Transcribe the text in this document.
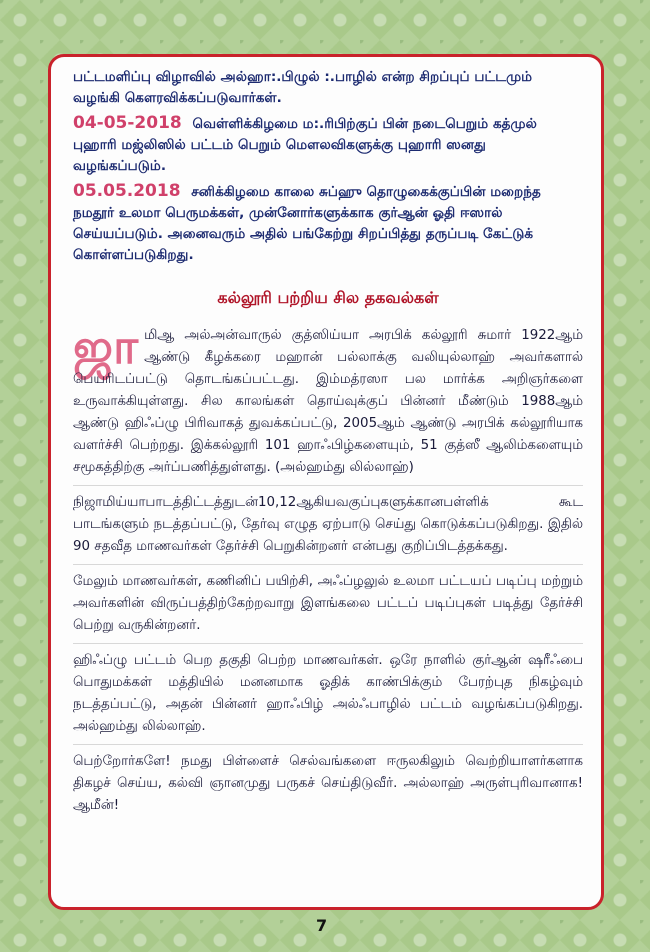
பட்டமளிப்பு விழாவில் அல்ஹா:.பிழுல் :.பாழில் என்ற சிறப்புப் பட்டமும் வழங்கி கௌரவிக்கப்படுவார்கள்.

04-05-2018 வெள்ளிக்கிழமை ம:.ரிபிற்குப் பின் நடைபெறும் கத்முல் புஹாரி மஜ்லிஸில் பட்டம் பெறும் மௌலவிகளுக்கு புஹாரி ஸனது வழங்கப்படும்.

05.05.2018 சனிக்கிழமை காலை சுப்ஹு தொழுகைக்குப்பின் மறைந்த நமதூர் உலமா பெருமக்கள், முன்னோர்களுக்காக குர்ஆன் ஓதி ஈஸால் செய்யப்படும். அனைவரும் அதில் பங்கேற்று சிறப்பித்து தருப்படி கேட்டுக் கொள்ளப்படுகிறது.

கல்லூரி பற்றிய சில தகவல்கள்

ஜா மிஆ அல்அன்வாருல் குத்ஸிய்யா அரபிக் கல்லூரி சுமார் 1922ஆம் ஆண்டு கீழக்கரை மஹான் பல்லாக்கு வலியுல்லாஹ் அவர்களால் பெயரிடப்பட்டு தொடங்கப்பட்டது. இம்மத்ரஸா பல மார்க்க அறிஞர்களை உருவாக்கியுள்ளது. சில காலங்கள் தொய்வுக்குப் பின்னர் மீண்டும் 1988ஆம் ஆண்டு ஹிஃப்ழு பிரிவாகத் துவக்கப்பட்டு, 2005ஆம் ஆண்டு அரபிக் கல்லூரியாக வளர்ச்சி பெற்றது. இக்கல்லூரி 101 ஹாஃபிழ்களையும், 51 குத்ஸீ ஆலிம்களையும் சமூகத்திற்கு அர்ப்பணித்துள்ளது. (அல்ஹம்து லில்லாஹ்)

நிஜாமிய்யாபாடத்திட்டத்துடன்10,12ஆகியவகுப்புகளுக்கானபள்ளிக் கூட பாடங்களும் நடத்தப்பட்டு, தேர்வு எழுத ஏற்பாடு செய்து கொடுக்கப்படுகிறது. இதில் 90 சதவீத மாணவர்கள் தேர்ச்சி பெறுகின்றனர் என்பது குறிப்பிடத்தக்கது.

மேலும் மாணவர்கள், கணினிப் பயிற்சி, அஃப்ழலுல் உலமா பட்டயப் படிப்பு மற்றும் அவர்களின் விருப்பத்திற்கேற்றவாறு இளங்கலை பட்டப் படிப்புகள் படித்து தேர்ச்சி பெற்று வருகின்றனர்.

ஹிஃப்ழு பட்டம் பெற தகுதி பெற்ற மாணவர்கள். ஒரே நாளில் குர்ஆன் ஷரீஃபை பொதுமக்கள் மத்தியில் மனனமாக ஓதிக் காண்பிக்கும் பேரற்புத நிகழ்வும் நடத்தப்பட்டு, அதன் பின்னர் ஹாஃபிழ் அல்ஃபாழில் பட்டம் வழங்கப்படுகிறது. அல்ஹம்து லில்லாஹ்.

பெற்றோர்களே! நமது பிள்ளைச் செல்வங்களை ஈருலகிலும் வெற்றியாளர்களாக திகழச் செய்ய, கல்வி ஞானமுது பருகச் செய்திடுவீர். அல்லாஹ் அருள்புரிவானாக! ஆமீன்!

7
